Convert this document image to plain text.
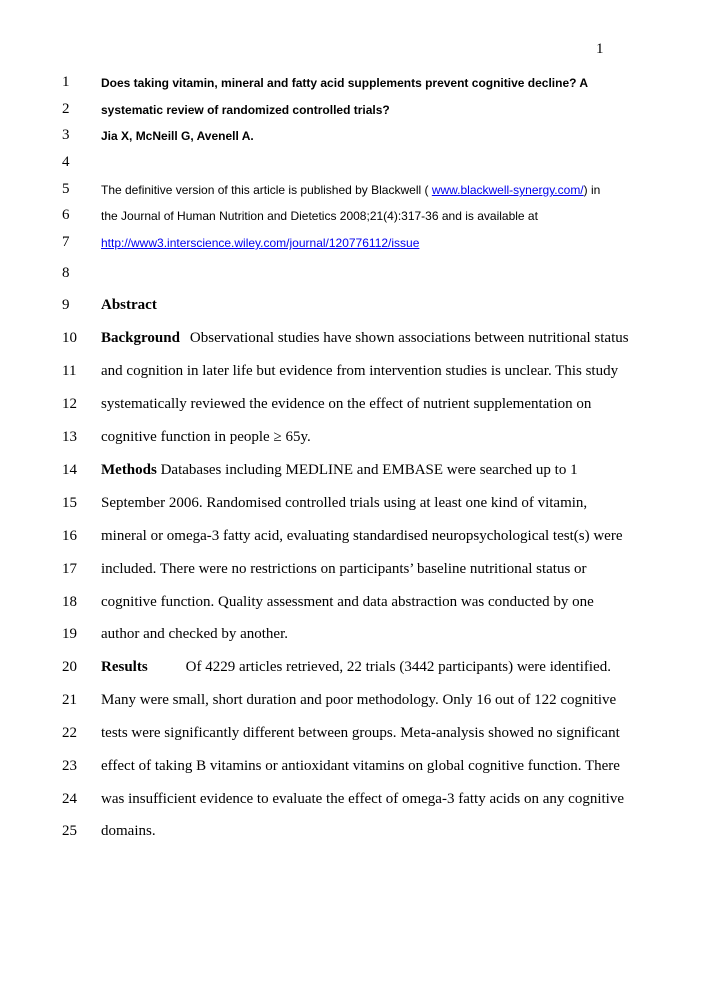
1
1	Does taking vitamin, mineral and fatty acid supplements prevent cognitive decline? A
2	systematic review of randomized controlled trials?
3	Jia X, McNeill G, Avenell A.
4
5	The definitive version of this article is published by Blackwell ( www.blackwell-synergy.com/) in
6	the Journal of Human Nutrition and Dietetics 2008;21(4):317-36 and is available at
7	http://www3.interscience.wiley.com/journal/120776112/issue
8
9	Abstract
10	Background Observational studies have shown associations between nutritional status
11	and cognition in later life but evidence from intervention studies is unclear. This study
12	systematically reviewed the evidence on the effect of nutrient supplementation on
13	cognitive function in people ≥ 65y.
14	Methods Databases including MEDLINE and EMBASE were searched up to 1
15	September 2006. Randomised controlled trials using at least one kind of vitamin,
16	mineral or omega-3 fatty acid, evaluating standardised neuropsychological test(s) were
17	included. There were no restrictions on participants’ baseline nutritional status or
18	cognitive function. Quality assessment and data abstraction was conducted by one
19	author and checked by another.
20	Results	Of 4229 articles retrieved, 22 trials (3442 participants) were identified.
21	Many were small, short duration and poor methodology. Only 16 out of 122 cognitive
22	tests were significantly different between groups. Meta-analysis showed no significant
23	effect of taking B vitamins or antioxidant vitamins on global cognitive function. There
24	was insufficient evidence to evaluate the effect of omega-3 fatty acids on any cognitive
25	domains.
